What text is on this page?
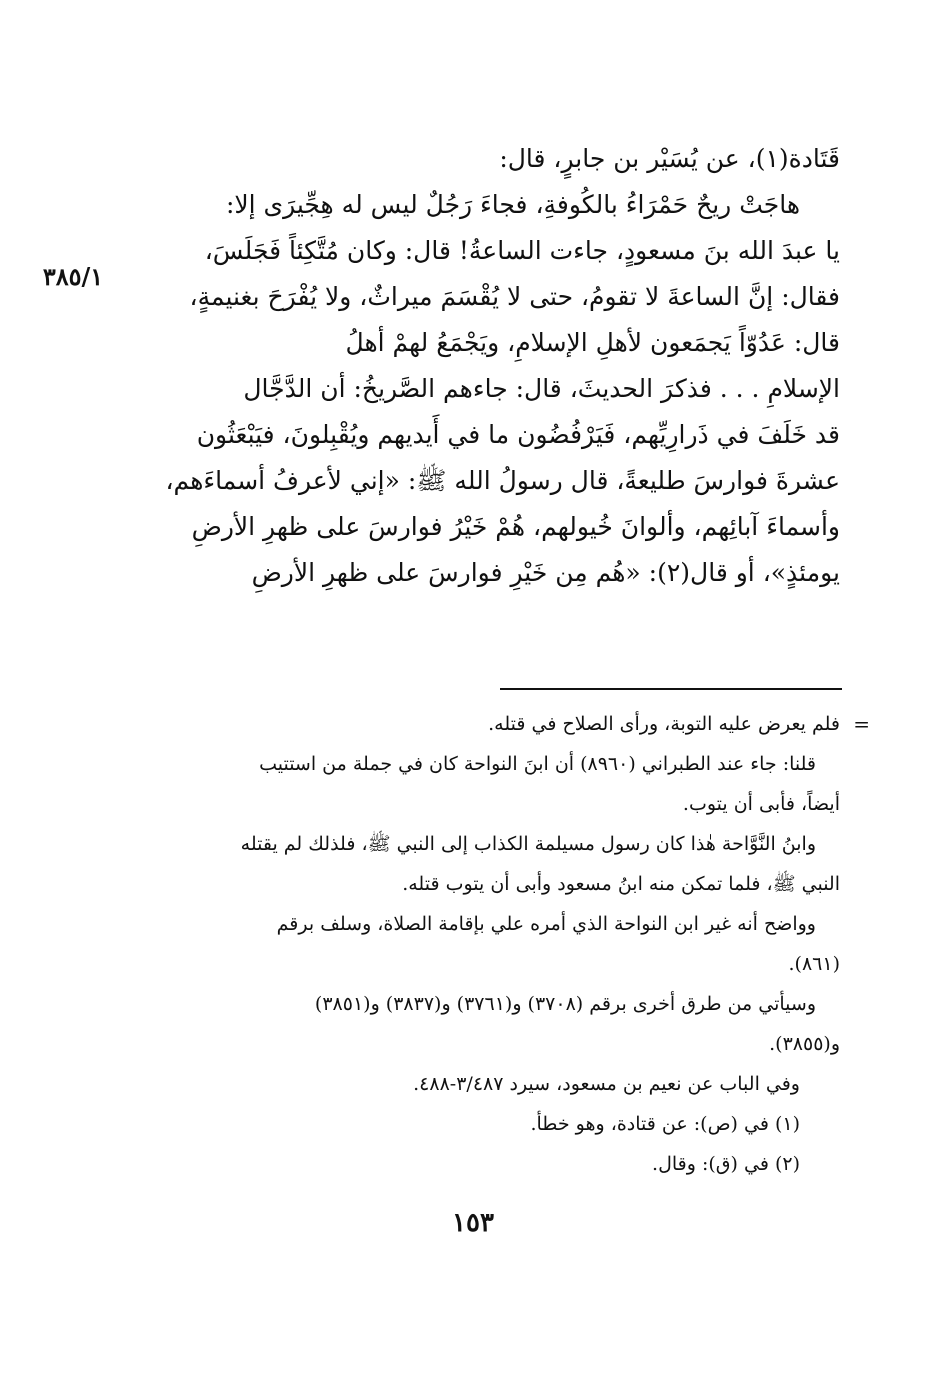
٣٨٥/١
قَتَادة(١)، عن يُسَيْر بن جابرٍ، قال:
هاجَتْ ريحٌ حَمْرَاءُ بالكُوفةِ، فجاءَ رَجُلٌ ليس له هِجِّيرَى إلا:
يا عبدَ الله بنَ مسعودٍ، جاءت الساعةُ! قال: وكان مُتَّكِئاً فَجَلَسَ،
فقال: إنَّ الساعةَ لا تقومُ، حتى لا يُقْسَمَ ميراثٌ، ولا يُفْرَحَ بغنيمةٍ،
قال: عَدُوّاً يَجمَعون لأهلِ الإسلامِ، ويَجْمَعُ لهمْ أهلُ
الإسلامِ . . . فذكرَ الحديثَ، قال: جاءهم الصَّريخُ: أن الدَّجَّال
قد خَلَفَ في ذَرارِيِّهم، فَيَرْفُضُون ما في أَيديهم ويُقْبِلونَ، فيَبْعَثُون
عشرةَ فوارسَ طليعةً، قال رسولُ الله ﷺ: «إني لأعرفُ أسماءَهم،
وأسماءَ آبائِهم، وألوانَ خُيولهم، هُمْ خَيْرُ فوارسَ على ظهرِ الأرضِ
يومئذٍ»، أو قال(٢): «هُم مِن خَيْرِ فوارسَ على ظهرِ الأرضِ
=
فلم يعرض عليه التوبة، ورأى الصلاح في قتله.
قلنا: جاء عند الطبراني (٨٩٦٠) أن ابنَ النواحة كان في جملة من استتيب
أيضاً، فأبى أن يتوب.
وابنُ النَّوَّاحة هٰذا كان رسول مسيلمة الكذاب إلى النبي ﷺ، فلذلك لم يقتله
النبي ﷺ، فلما تمكن منه ابنُ مسعود وأبى أن يتوب قتله.
وواضح أنه غير ابن النواحة الذي أمره علي بإقامة الصلاة، وسلف برقم
(٨٦١).
وسيأتي من طرق أخرى برقم (٣٧٠٨) و(٣٧٦١) و(٣٨٣٧) و(٣٨٥١)
و(٣٨٥٥).
وفي الباب عن نعيم بن مسعود، سيرد ٣/٤٨٧-٤٨٨.
(١) في (ص): عن قتادة، وهو خطأ.
(٢) في (ق): وقال.
١٥٣
